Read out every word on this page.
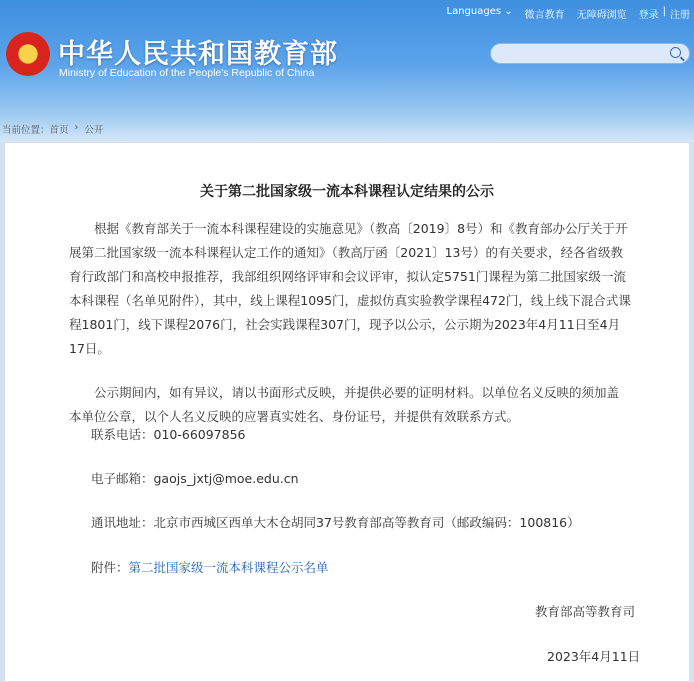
中华人民共和国教育部
Ministry of Education of the People's Republic of China
Languages ⌄ 微言教育 无障碍浏览 登录 | 注册
当前位置： 首页 › 公开
关于第二批国家级一流本科课程认定结果的公示

根据《教育部关于一流本科课程建设的实施意见》（教高〔2019〕8号）和《教育部办公厅关于开展第二批国家级一流本科课程认定工作的通知》（教高厅函〔2021〕13号）的有关要求，经各省级教育行政部门和高校申报推荐，我部组织网络评审和会议评审，拟认定5751门课程为第二批国家级一流本科课程（名单见附件），其中，线上课程1095门，虚拟仿真实验教学课程472门，线上线下混合式课程1801门，线下课程2076门，社会实践课程307门，现予以公示，公示期为2023年4月11日至4月17日。

公示期间内，如有异议，请以书面形式反映，并提供必要的证明材料。以单位名义反映的须加盖本单位公章，以个人名义反映的应署真实姓名、身份证号，并提供有效联系方式。

联系电话：010-66097856
电子邮箱：gaojs_jxtj@moe.edu.cn
通讯地址：北京市西城区西单大木仓胡同37号教育部高等教育司（邮政编码：100816）
附件：第二批国家级一流本科课程公示名单
教育部高等教育司
2023年4月11日
